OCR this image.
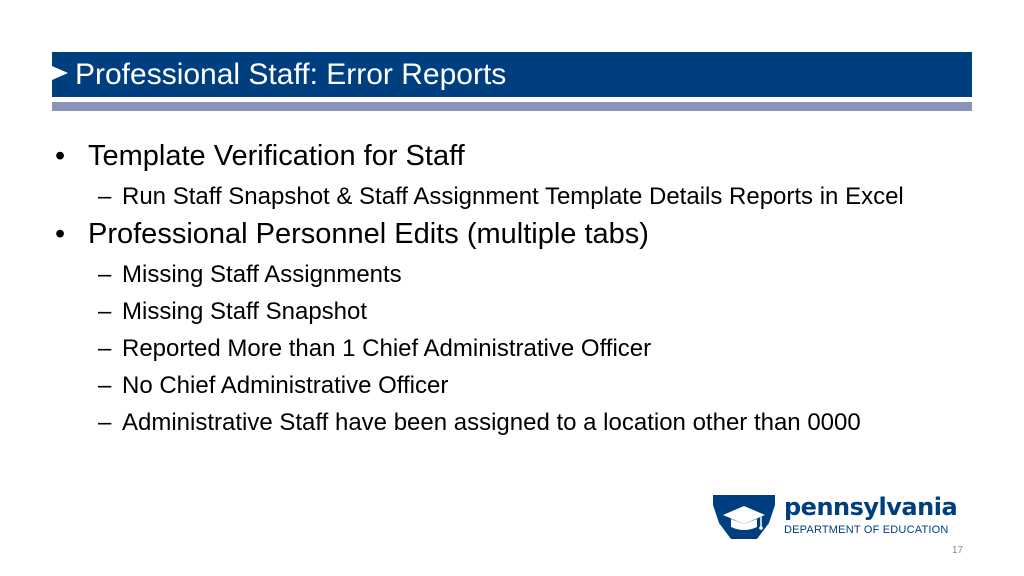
Professional Staff: Error Reports
• Template Verification for Staff
– Run Staff Snapshot & Staff Assignment Template Details Reports in Excel
• Professional Personnel Edits (multiple tabs)
– Missing Staff Assignments
– Missing Staff Snapshot
– Reported More than 1 Chief Administrative Officer
– No Chief Administrative Officer
– Administrative Staff have been assigned to a location other than 0000
pennsylvania
DEPARTMENT OF EDUCATION
17
